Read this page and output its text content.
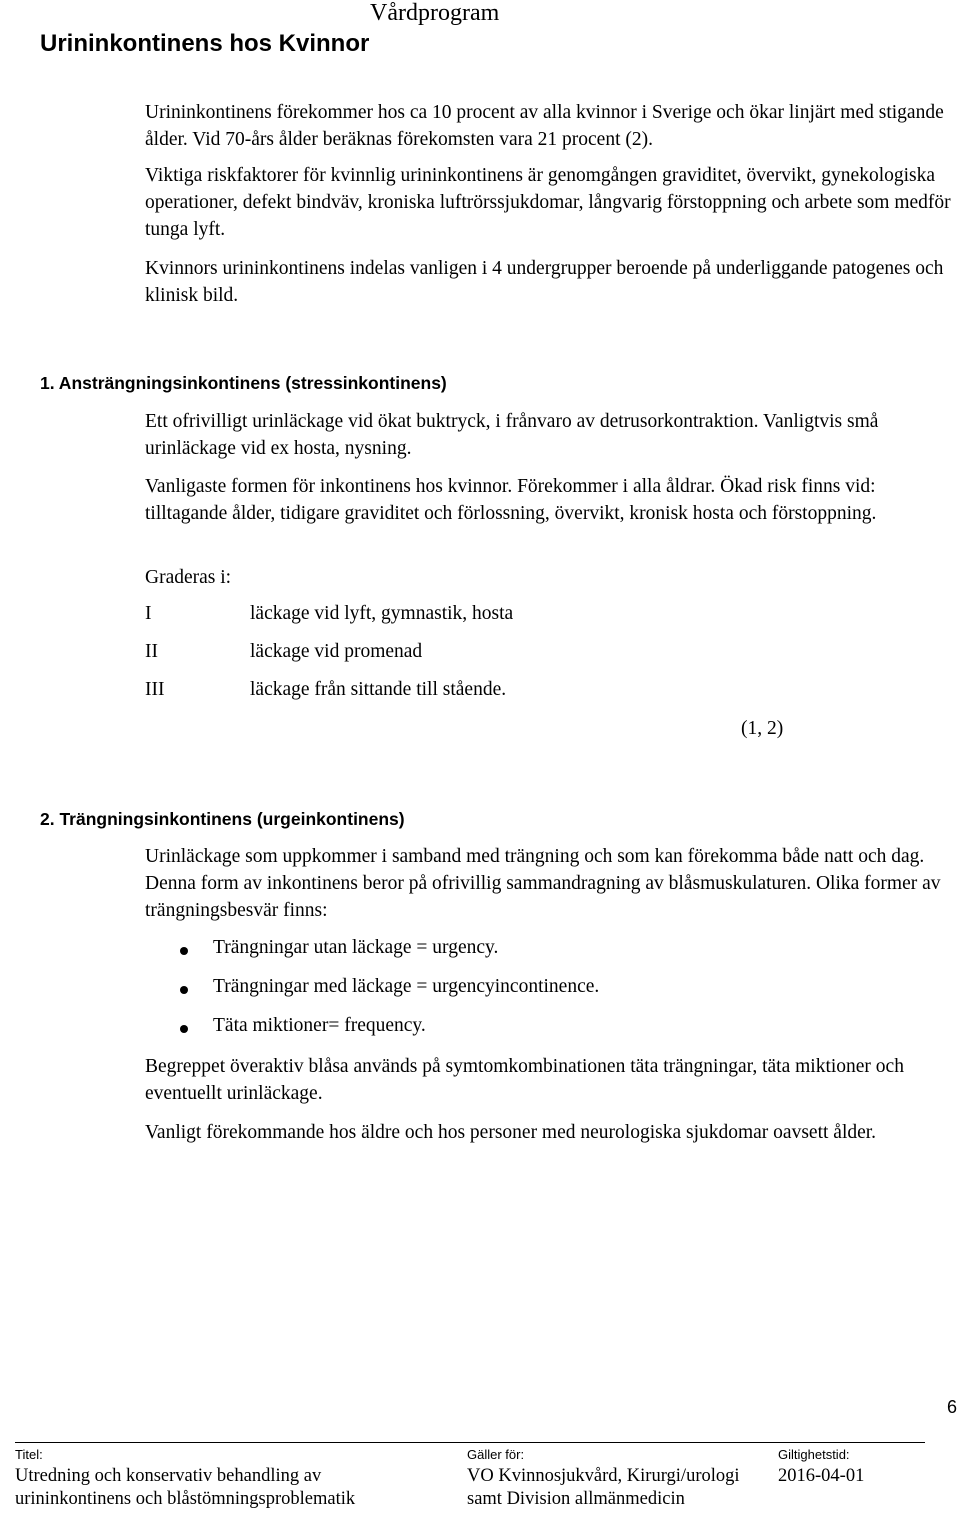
Vårdprogram
Urininkontinens hos Kvinnor
Urininkontinens förekommer hos ca 10 procent av alla kvinnor i Sverige och ökar linjärt med stigande ålder. Vid 70-års ålder beräknas förekomsten vara 21 procent (2).
Viktiga riskfaktorer för kvinnlig urininkontinens är genomgången graviditet, övervikt, gynekologiska operationer, defekt bindväv, kroniska luftrörssjukdomar, långvarig förstoppning och arbete som medför tunga lyft.
Kvinnors urininkontinens indelas vanligen i 4 undergrupper beroende på underliggande patogenes och klinisk bild.
1. Ansträngningsinkontinens (stressinkontinens)
Ett ofrivilligt urinläckage vid ökat buktryck, i frånvaro av detrusorkontraktion. Vanligtvis små urinläckage vid ex hosta, nysning.
Vanligaste formen för inkontinens hos kvinnor. Förekommer i alla åldrar. Ökad risk finns vid: tilltagande ålder, tidigare graviditet och förlossning, övervikt, kronisk hosta och förstoppning.
Graderas i:
I	läckage vid lyft, gymnastik, hosta
II	läckage vid promenad
III	läckage från sittande till stående.
(1, 2)
2. Trängningsinkontinens (urgeinkontinens)
Urinläckage som uppkommer i samband med trängning och som kan förekomma både natt och dag. Denna form av inkontinens beror på ofrivillig sammandragning av blåsmuskulaturen. Olika former av trängningsbesvär finns:
Trängningar utan läckage = urgency.
Trängningar med läckage = urgencyincontinence.
Täta miktioner= frequency.
Begreppet överaktiv blåsa används på symtomkombinationen täta trängningar, täta miktioner och eventuellt urinläckage.
Vanligt förekommande hos äldre och hos personer med neurologiska sjukdomar oavsett ålder.
6
Titel:
Utredning och konservativ behandling av
urininkontinens och blåstömningsproblematik
Gäller för:
VO Kvinnosjukvård, Kirurgi/urologi
samt Division allmänmedicin
Giltighetstid:
2016-04-01
